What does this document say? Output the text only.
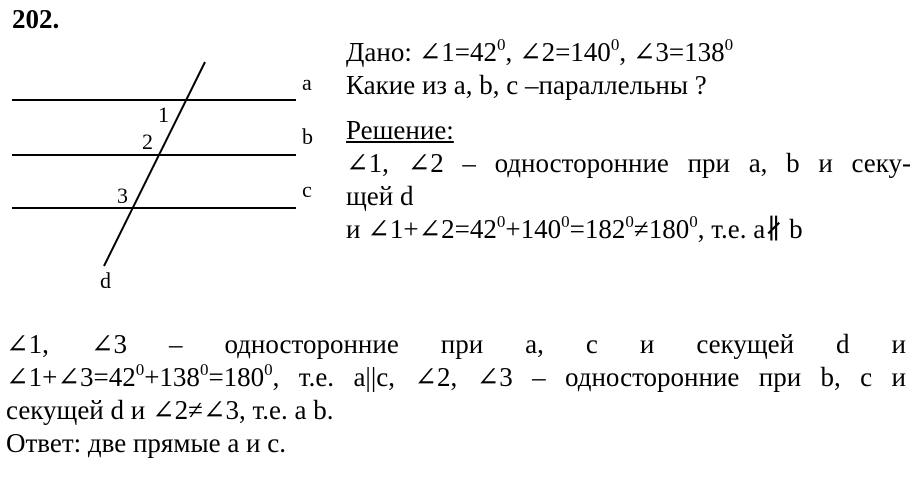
202.
a
b
c
d
1
2
3
Дано: $\angle 1=42^0$, $\angle 2=140^0$, $\angle 3=138^0$
Какие из a, b, c –параллельны ?
Решение:
∠1, ∠2 – односторонние при a, b и секу-
щей d
и $\angle 1+\angle 2=42^0+140^0=182^0\ne 180^0$, т.е. a∦ b
∠1, ∠3 – односторонние при a, c и секущей d и
$\angle 1+\angle 3=42^0+138^0=180^0$, т.е. a||c, ∠2, ∠3 – односторонние при b, c и
секущей d и ∠2≠∠3, т.е. a b.
Ответ: две прямые a и c.
